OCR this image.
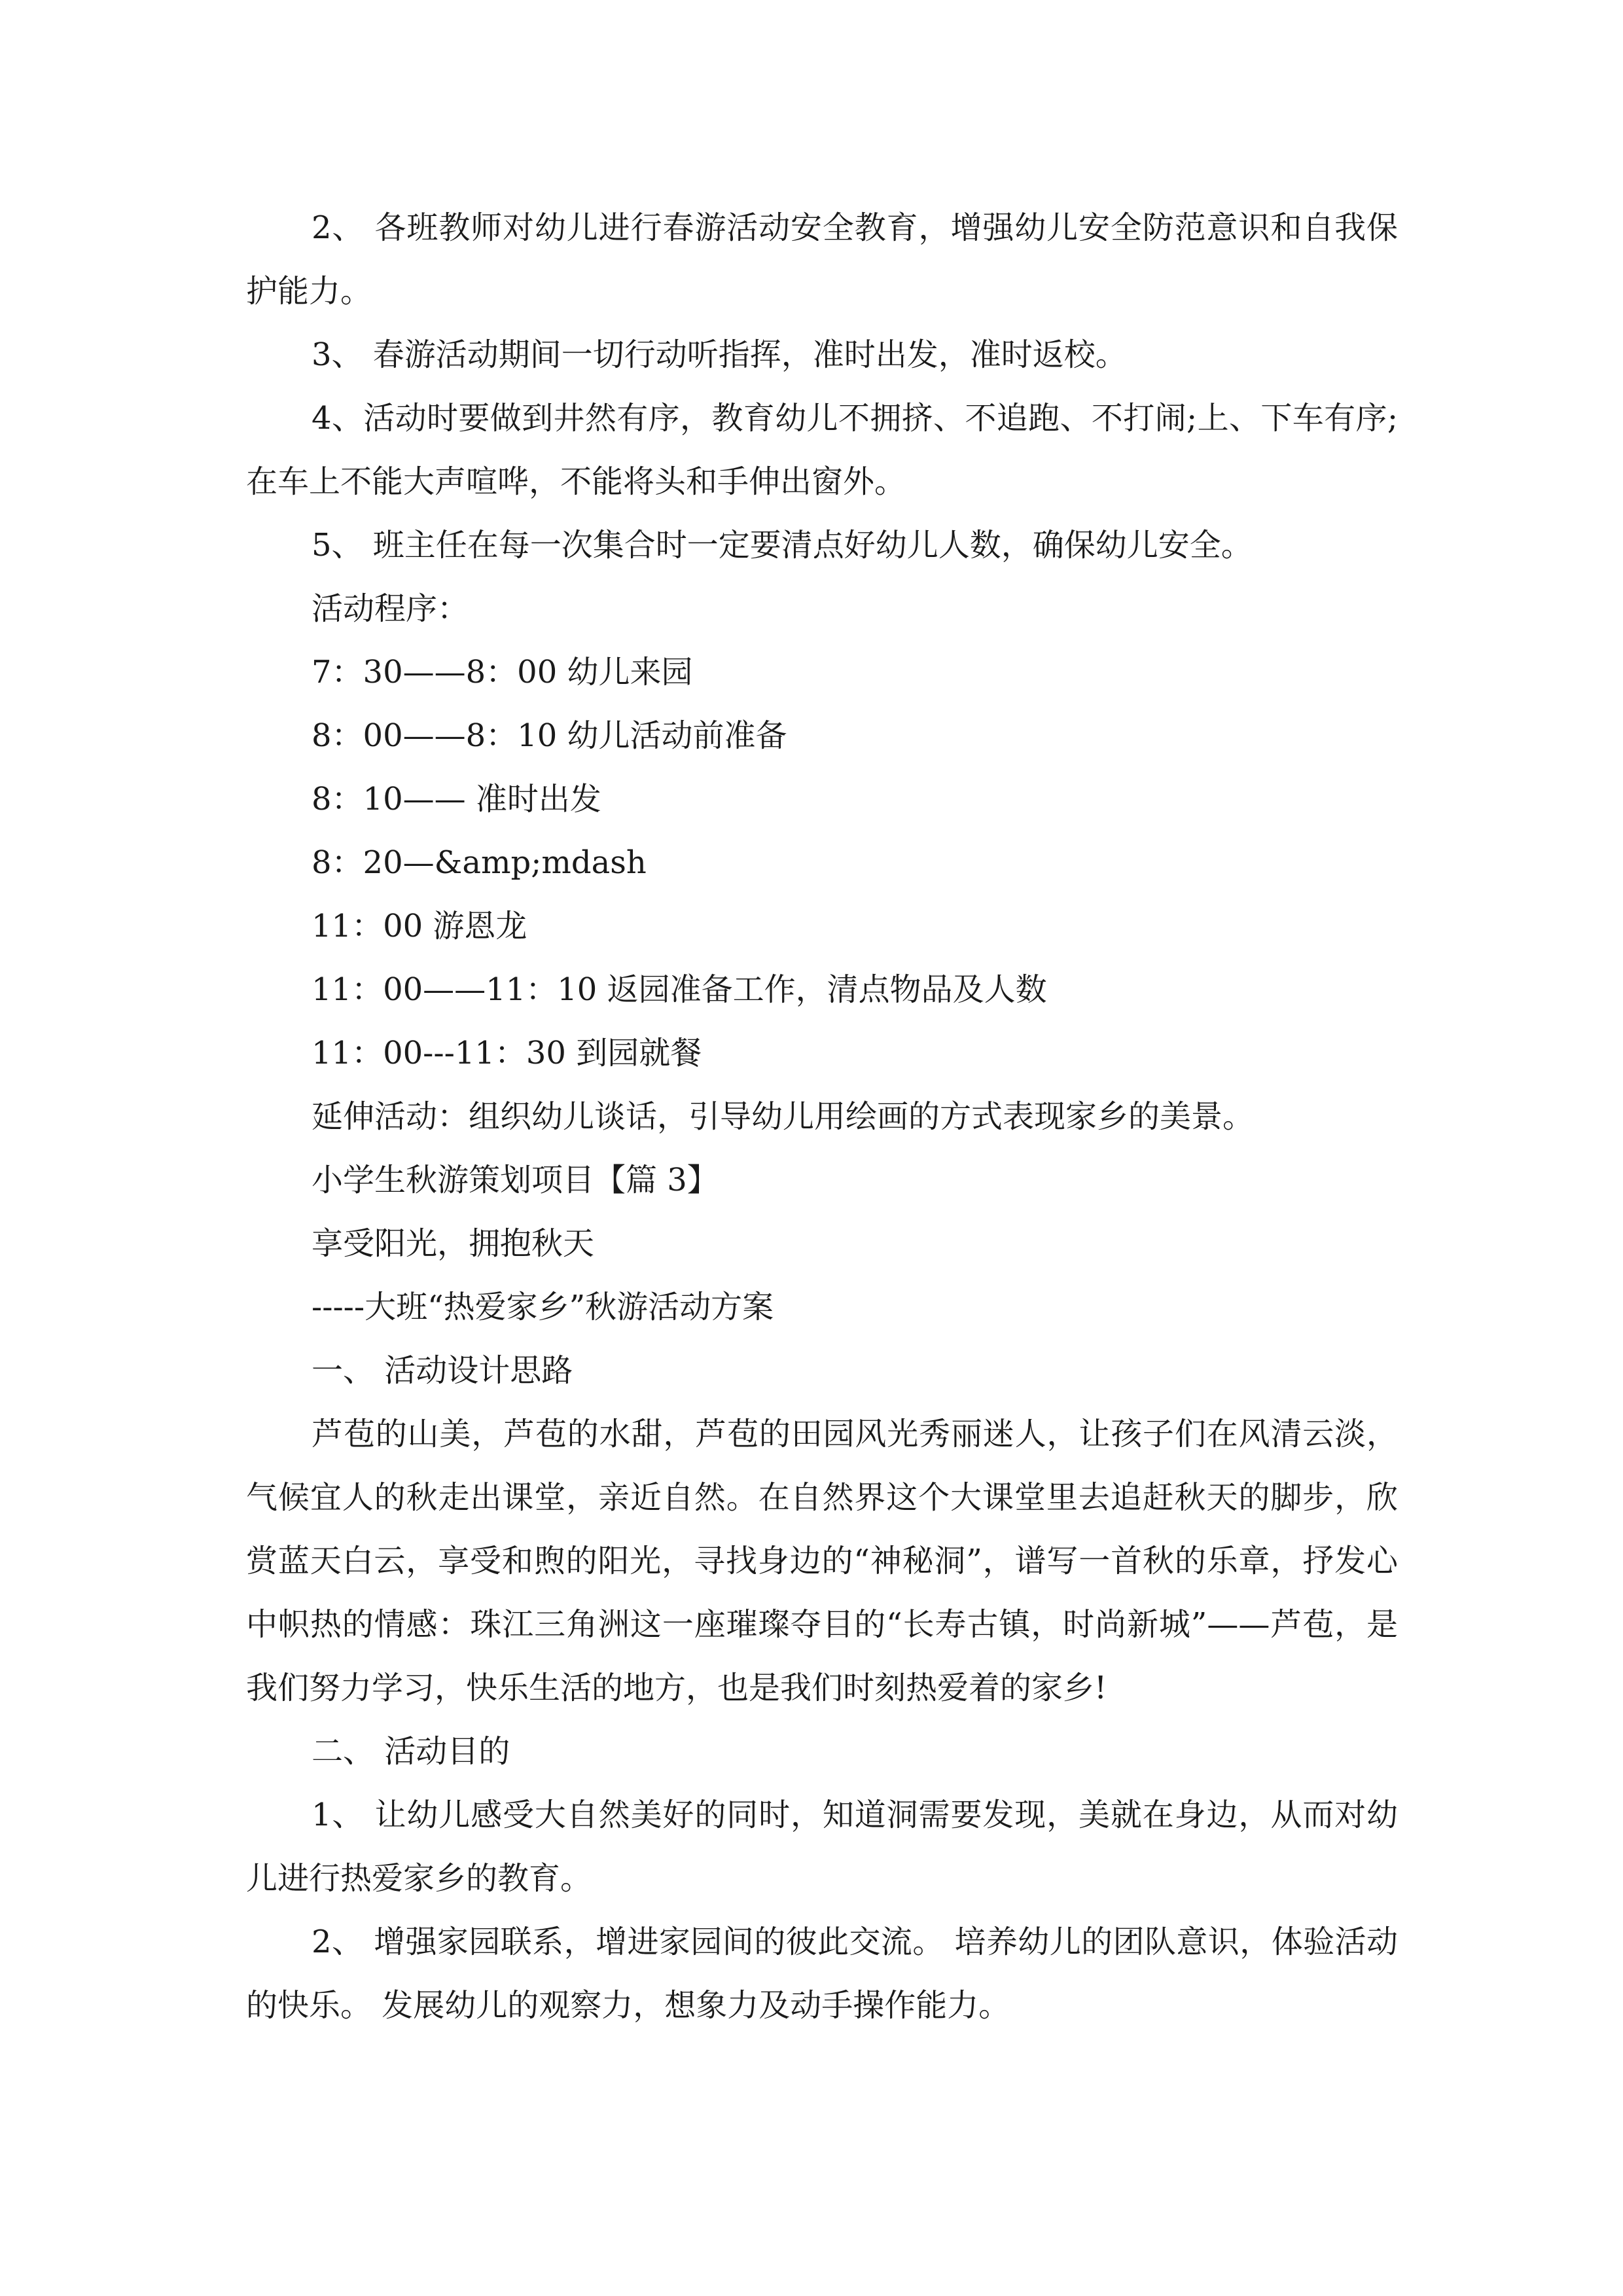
2、 各班教师对幼儿进行春游活动安全教育，增强幼儿安全防范意识和自我保护能力。

3、 春游活动期间一切行动听指挥，准时出发，准时返校。

4、活动时要做到井然有序，教育幼儿不拥挤、不追跑、不打闹;上、下车有序;在车上不能大声喧哗，不能将头和手伸出窗外。

5、 班主任在每一次集合时一定要清点好幼儿人数，确保幼儿安全。

活动程序：

7：30——8：00 幼儿来园

8：00——8：10 幼儿活动前准备

8：10—— 准时出发

8：20—&amp;mdash

11：00 游恩龙

11：00——11：10 返园准备工作，清点物品及人数

11：00---11：30 到园就餐

延伸活动：组织幼儿谈话，引导幼儿用绘画的方式表现家乡的美景。

小学生秋游策划项目【篇 3】

享受阳光，拥抱秋天

-----大班“热爱家乡”秋游活动方案

一、 活动设计思路

芦苞的山美，芦苞的水甜，芦苞的田园风光秀丽迷人，让孩子们在风清云淡，气候宜人的秋走出课堂，亲近自然。在自然界这个大课堂里去追赶秋天的脚步，欣赏蓝天白云，享受和煦的阳光，寻找身边的“神秘洞”，谱写一首秋的乐章，抒发心中帜热的情感：珠江三角洲这一座璀璨夺目的“长寿古镇，时尚新城”——芦苞，是我们努力学习，快乐生活的地方，也是我们时刻热爱着的家乡!

二、 活动目的

1、 让幼儿感受大自然美好的同时，知道洞需要发现，美就在身边，从而对幼儿进行热爱家乡的教育。

2、 增强家园联系，增进家园间的彼此交流。 培养幼儿的团队意识，体验活动的快乐。 发展幼儿的观察力，想象力及动手操作能力。
